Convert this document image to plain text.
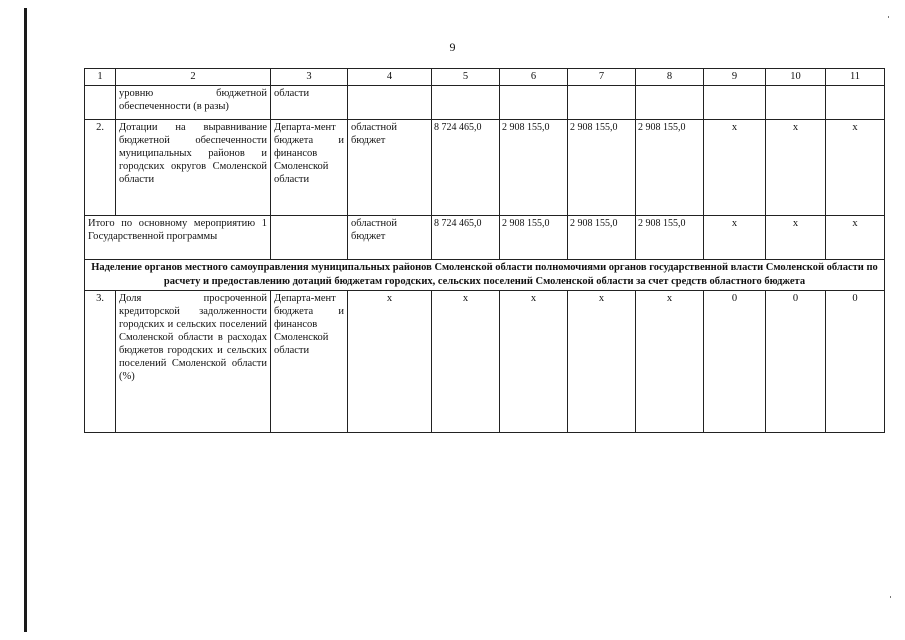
9
1	2	3	4	5	6	7	8	9	10	11
	уровню бюджетной обеспеченности (в разы)	области								
2.	Дотации на выравнивание бюджетной обеспеченности муниципальных районов и городских округов Смоленской области	Департа-мент бюджета и финансов Смоленской области	областной бюджет	8 724 465,0	2 908 155,0	2 908 155,0	2 908 155,0	х	х	х
Итого по основному мероприятию 1 Государственной программы			областной бюджет	8 724 465,0	2 908 155,0	2 908 155,0	2 908 155,0	х	х	х
Наделение органов местного самоуправления муниципальных районов Смоленской области полномочиями органов государственной власти Смоленской области по расчету и предоставлению дотаций бюджетам городских, сельских поселений Смоленской области за счет средств областного бюджета										
3.	Доля просроченной кредиторской задолженности городских и сельских поселений Смоленской области в расходах бюджетов городских и сельских поселений Смоленской области (%)	Департа-мент бюджета и финансов Смоленской области	х	х	х	х	х	0	0	0
